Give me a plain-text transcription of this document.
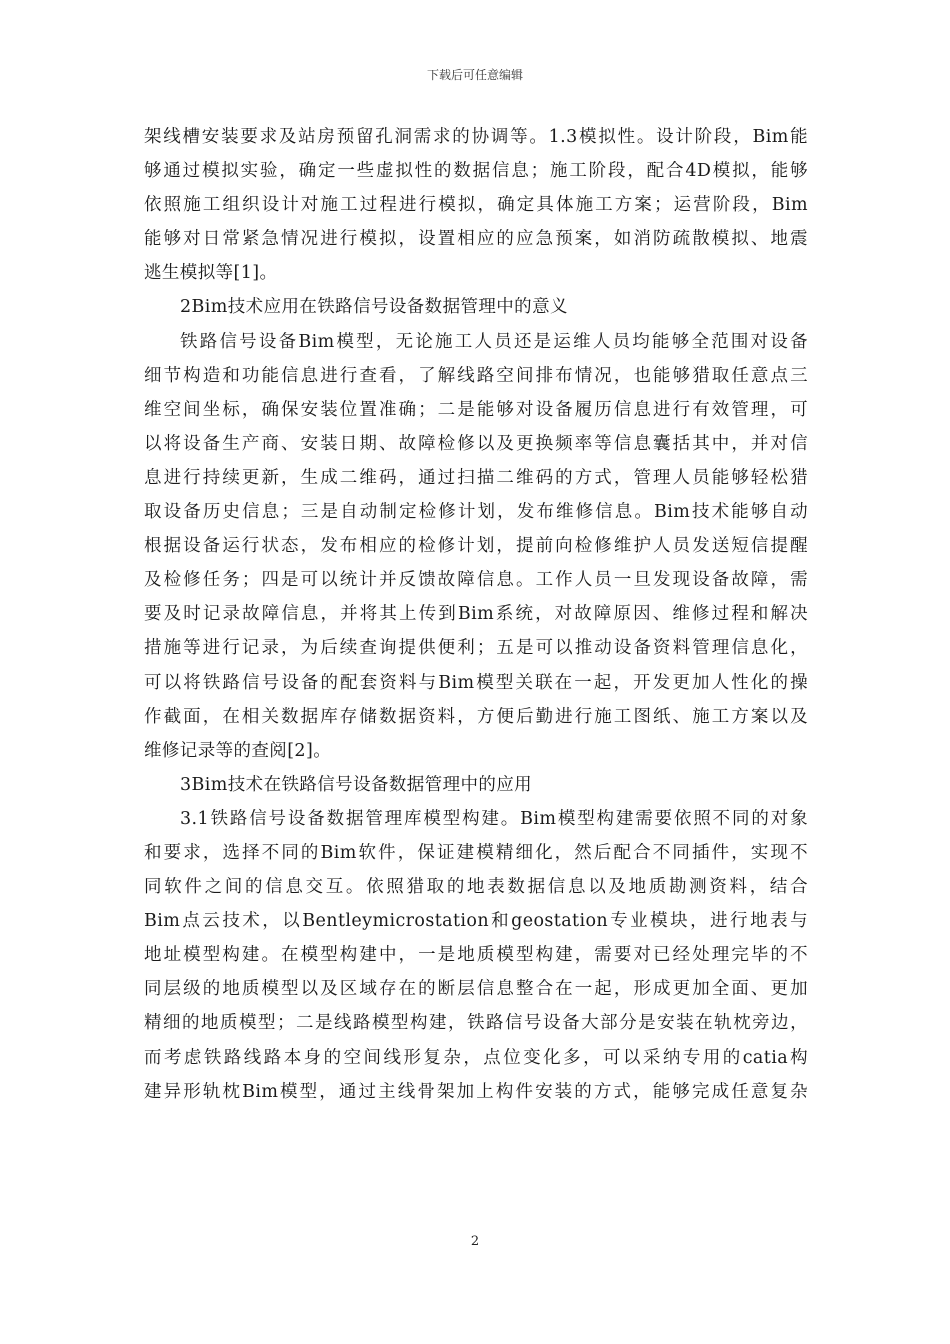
下载后可任意编辑
架线槽安装要求及站房预留孔洞需求的协调等。1.3模拟性。设计阶段，Bim能
够通过模拟实验，确定一些虚拟性的数据信息；施工阶段，配合4D模拟，能够
依照施工组织设计对施工过程进行模拟，确定具体施工方案；运营阶段，Bim
能够对日常紧急情况进行模拟，设置相应的应急预案，如消防疏散模拟、地震
逃生模拟等[1]。
2Bim技术应用在铁路信号设备数据管理中的意义
铁路信号设备Bim模型，无论施工人员还是运维人员均能够全范围对设备
细节构造和功能信息进行查看，了解线路空间排布情况，也能够猎取任意点三
维空间坐标，确保安装位置准确；二是能够对设备履历信息进行有效管理，可
以将设备生产商、安装日期、故障检修以及更换频率等信息囊括其中，并对信
息进行持续更新，生成二维码，通过扫描二维码的方式，管理人员能够轻松猎
取设备历史信息；三是自动制定检修计划，发布维修信息。Bim技术能够自动
根据设备运行状态，发布相应的检修计划，提前向检修维护人员发送短信提醒
及检修任务；四是可以统计并反馈故障信息。工作人员一旦发现设备故障，需
要及时记录故障信息，并将其上传到Bim系统，对故障原因、维修过程和解决
措施等进行记录，为后续查询提供便利；五是可以推动设备资料管理信息化，
可以将铁路信号设备的配套资料与Bim模型关联在一起，开发更加人性化的操
作截面，在相关数据库存储数据资料，方便后勤进行施工图纸、施工方案以及
维修记录等的查阅[2]。
3Bim技术在铁路信号设备数据管理中的应用
3.1铁路信号设备数据管理库模型构建。Bim模型构建需要依照不同的对象
和要求，选择不同的Bim软件，保证建模精细化，然后配合不同插件，实现不
同软件之间的信息交互。依照猎取的地表数据信息以及地质勘测资料，结合
Bim点云技术，以Bentleymicrostation和geostation专业模块，进行地表与
地址模型构建。在模型构建中，一是地质模型构建，需要对已经处理完毕的不
同层级的地质模型以及区域存在的断层信息整合在一起，形成更加全面、更加
精细的地质模型；二是线路模型构建，铁路信号设备大部分是安装在轨枕旁边，
而考虑铁路线路本身的空间线形复杂，点位变化多，可以采纳专用的catia构
建异形轨枕Bim模型，通过主线骨架加上构件安装的方式，能够完成任意复杂
2
